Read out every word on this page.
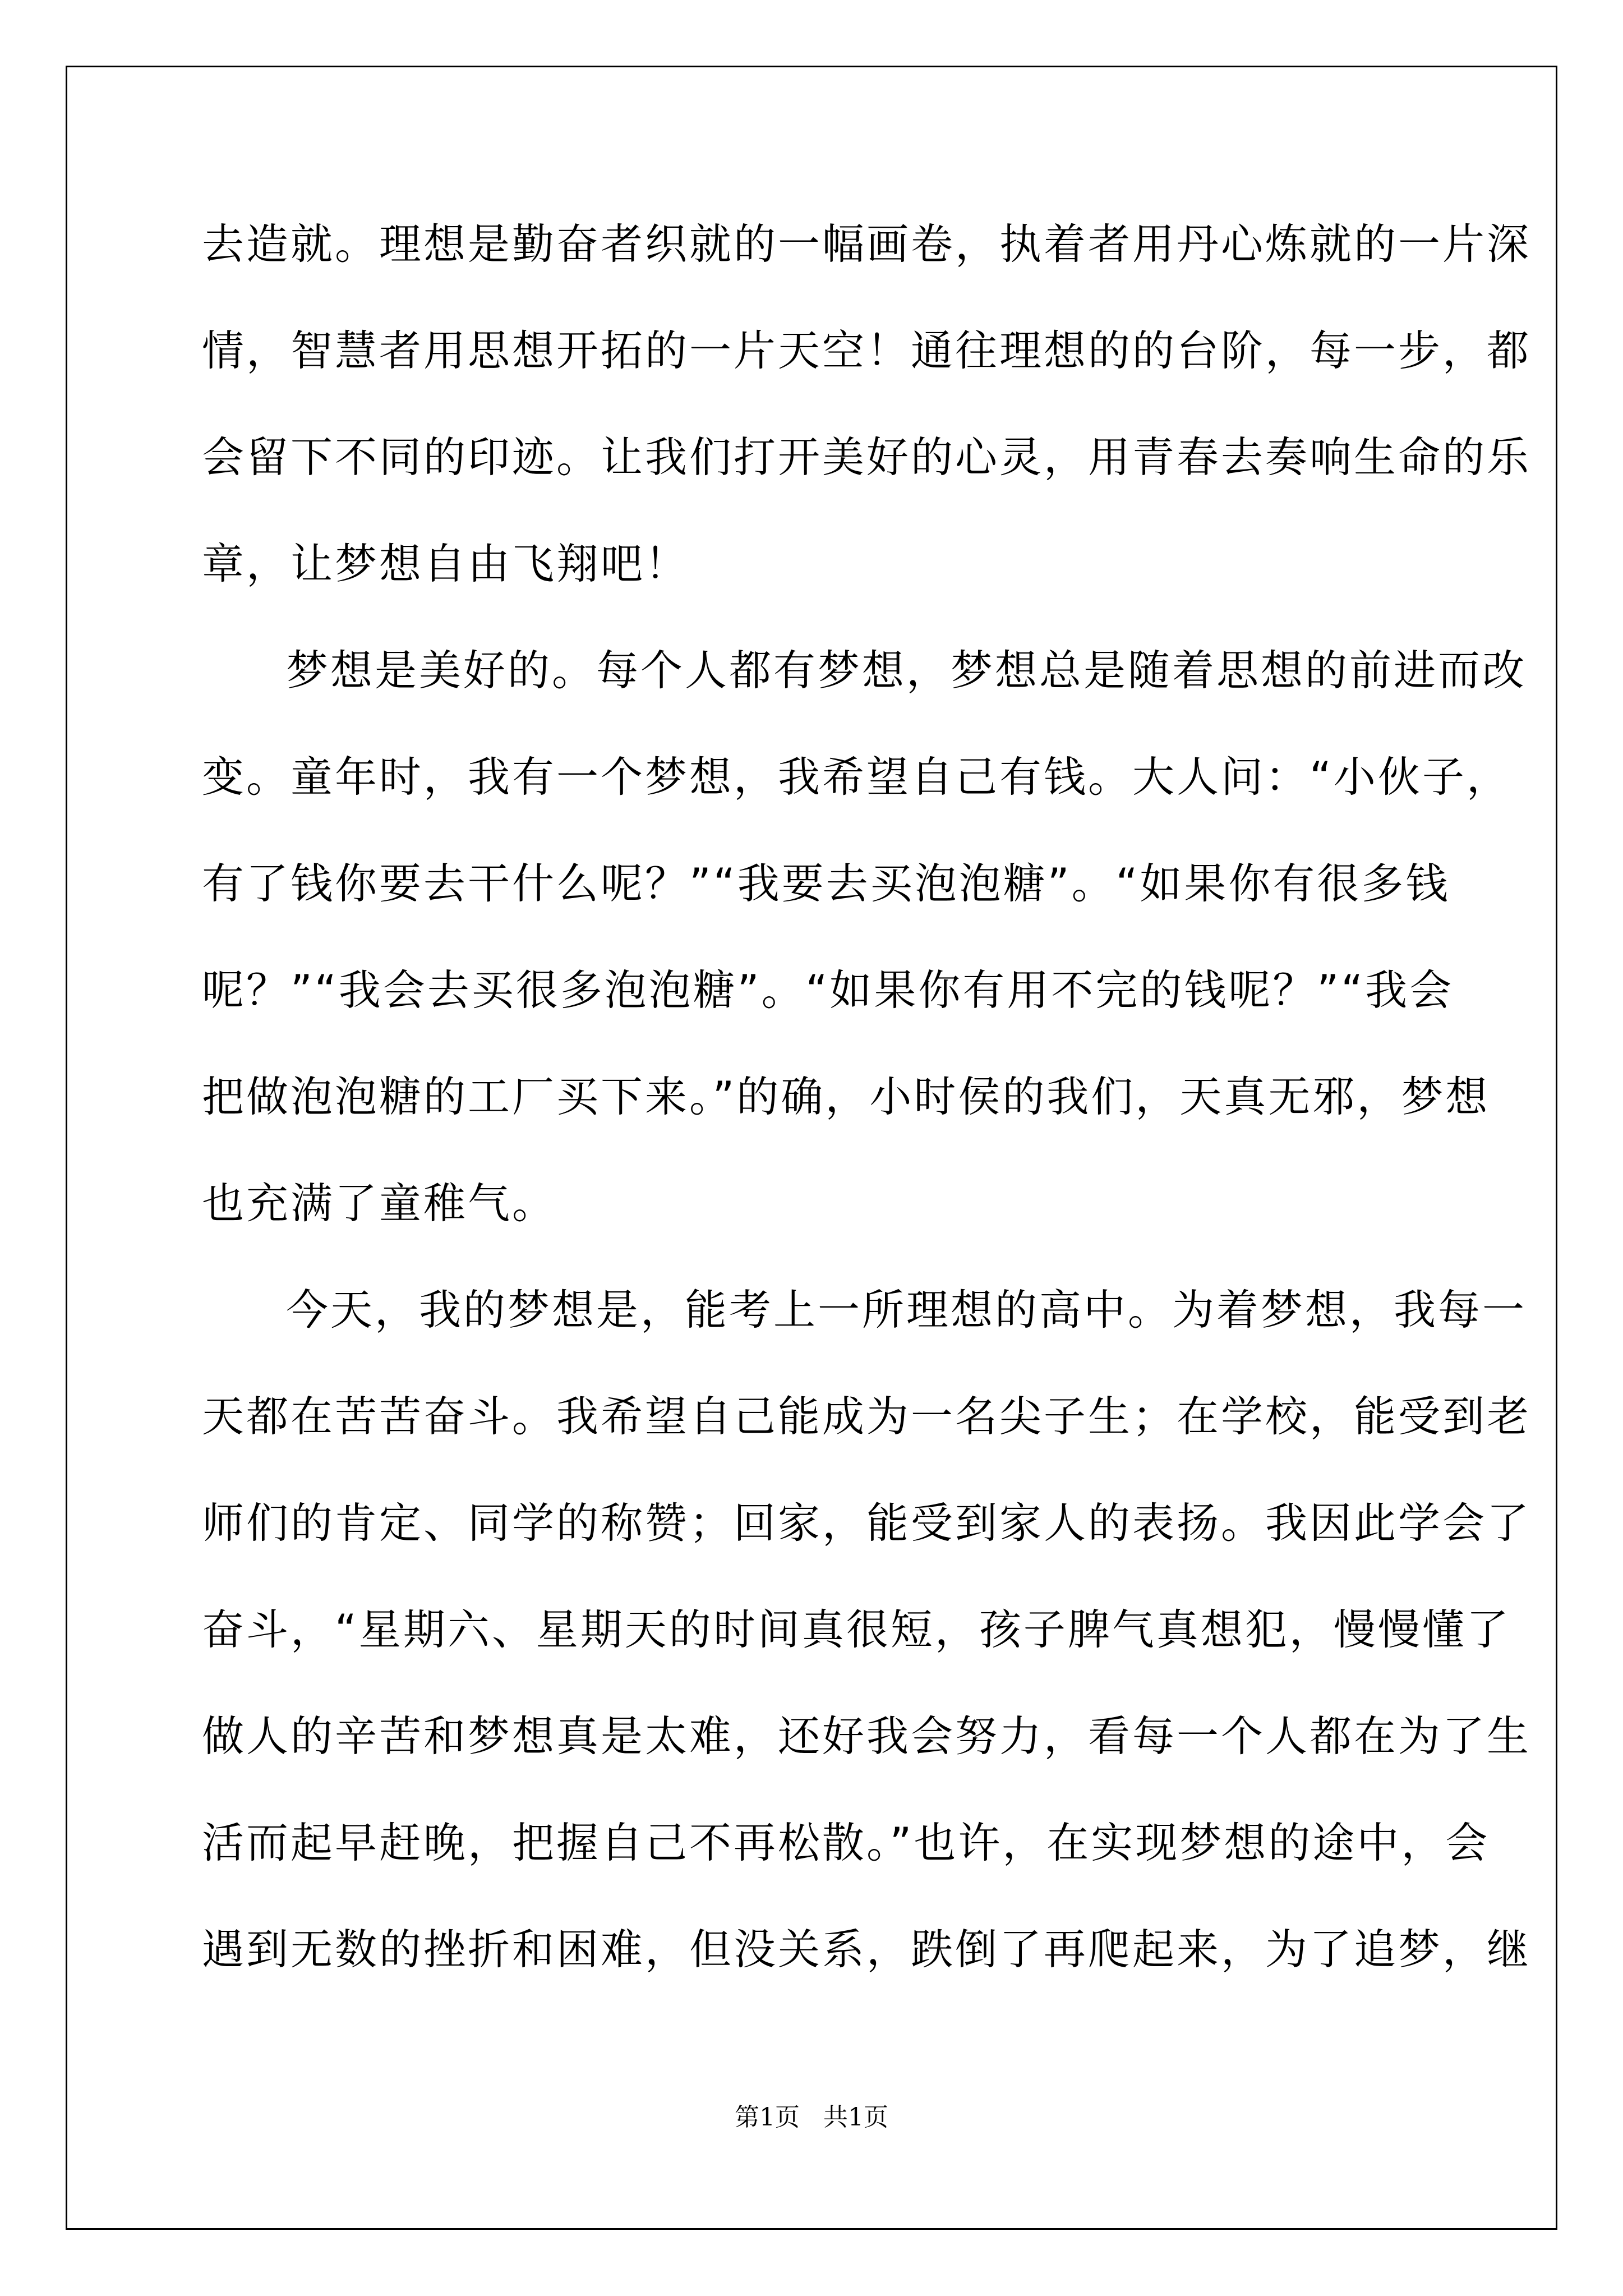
去造就。理想是勤奋者织就的一幅画卷，执着者用丹心炼就的一片深
情，智慧者用思想开拓的一片天空！通往理想的的台阶，每一步，都
会留下不同的印迹。让我们打开美好的心灵，用青春去奏响生命的乐
章，让梦想自由飞翔吧！
梦想是美好的。每个人都有梦想，梦想总是随着思想的前进而改
变。童年时，我有一个梦想，我希望自己有钱。大人问：“小伙子，
有了钱你要去干什么呢？”“我要去买泡泡糖”。“如果你有很多钱
呢？”“我会去买很多泡泡糖”。“如果你有用不完的钱呢？”“我会
把做泡泡糖的工厂买下来。”的确，小时侯的我们，天真无邪，梦想
也充满了童稚气。
今天，我的梦想是，能考上一所理想的高中。为着梦想，我每一
天都在苦苦奋斗。我希望自己能成为一名尖子生；在学校，能受到老
师们的肯定、同学的称赞；回家，能受到家人的表扬。我因此学会了
奋斗，“星期六、星期天的时间真很短，孩子脾气真想犯，慢慢懂了
做人的辛苦和梦想真是太难，还好我会努力，看每一个人都在为了生
活而起早赶晚，把握自己不再松散。”也许，在实现梦想的途中，会
遇到无数的挫折和困难，但没关系，跌倒了再爬起来，为了追梦，继
第1页   共1页
